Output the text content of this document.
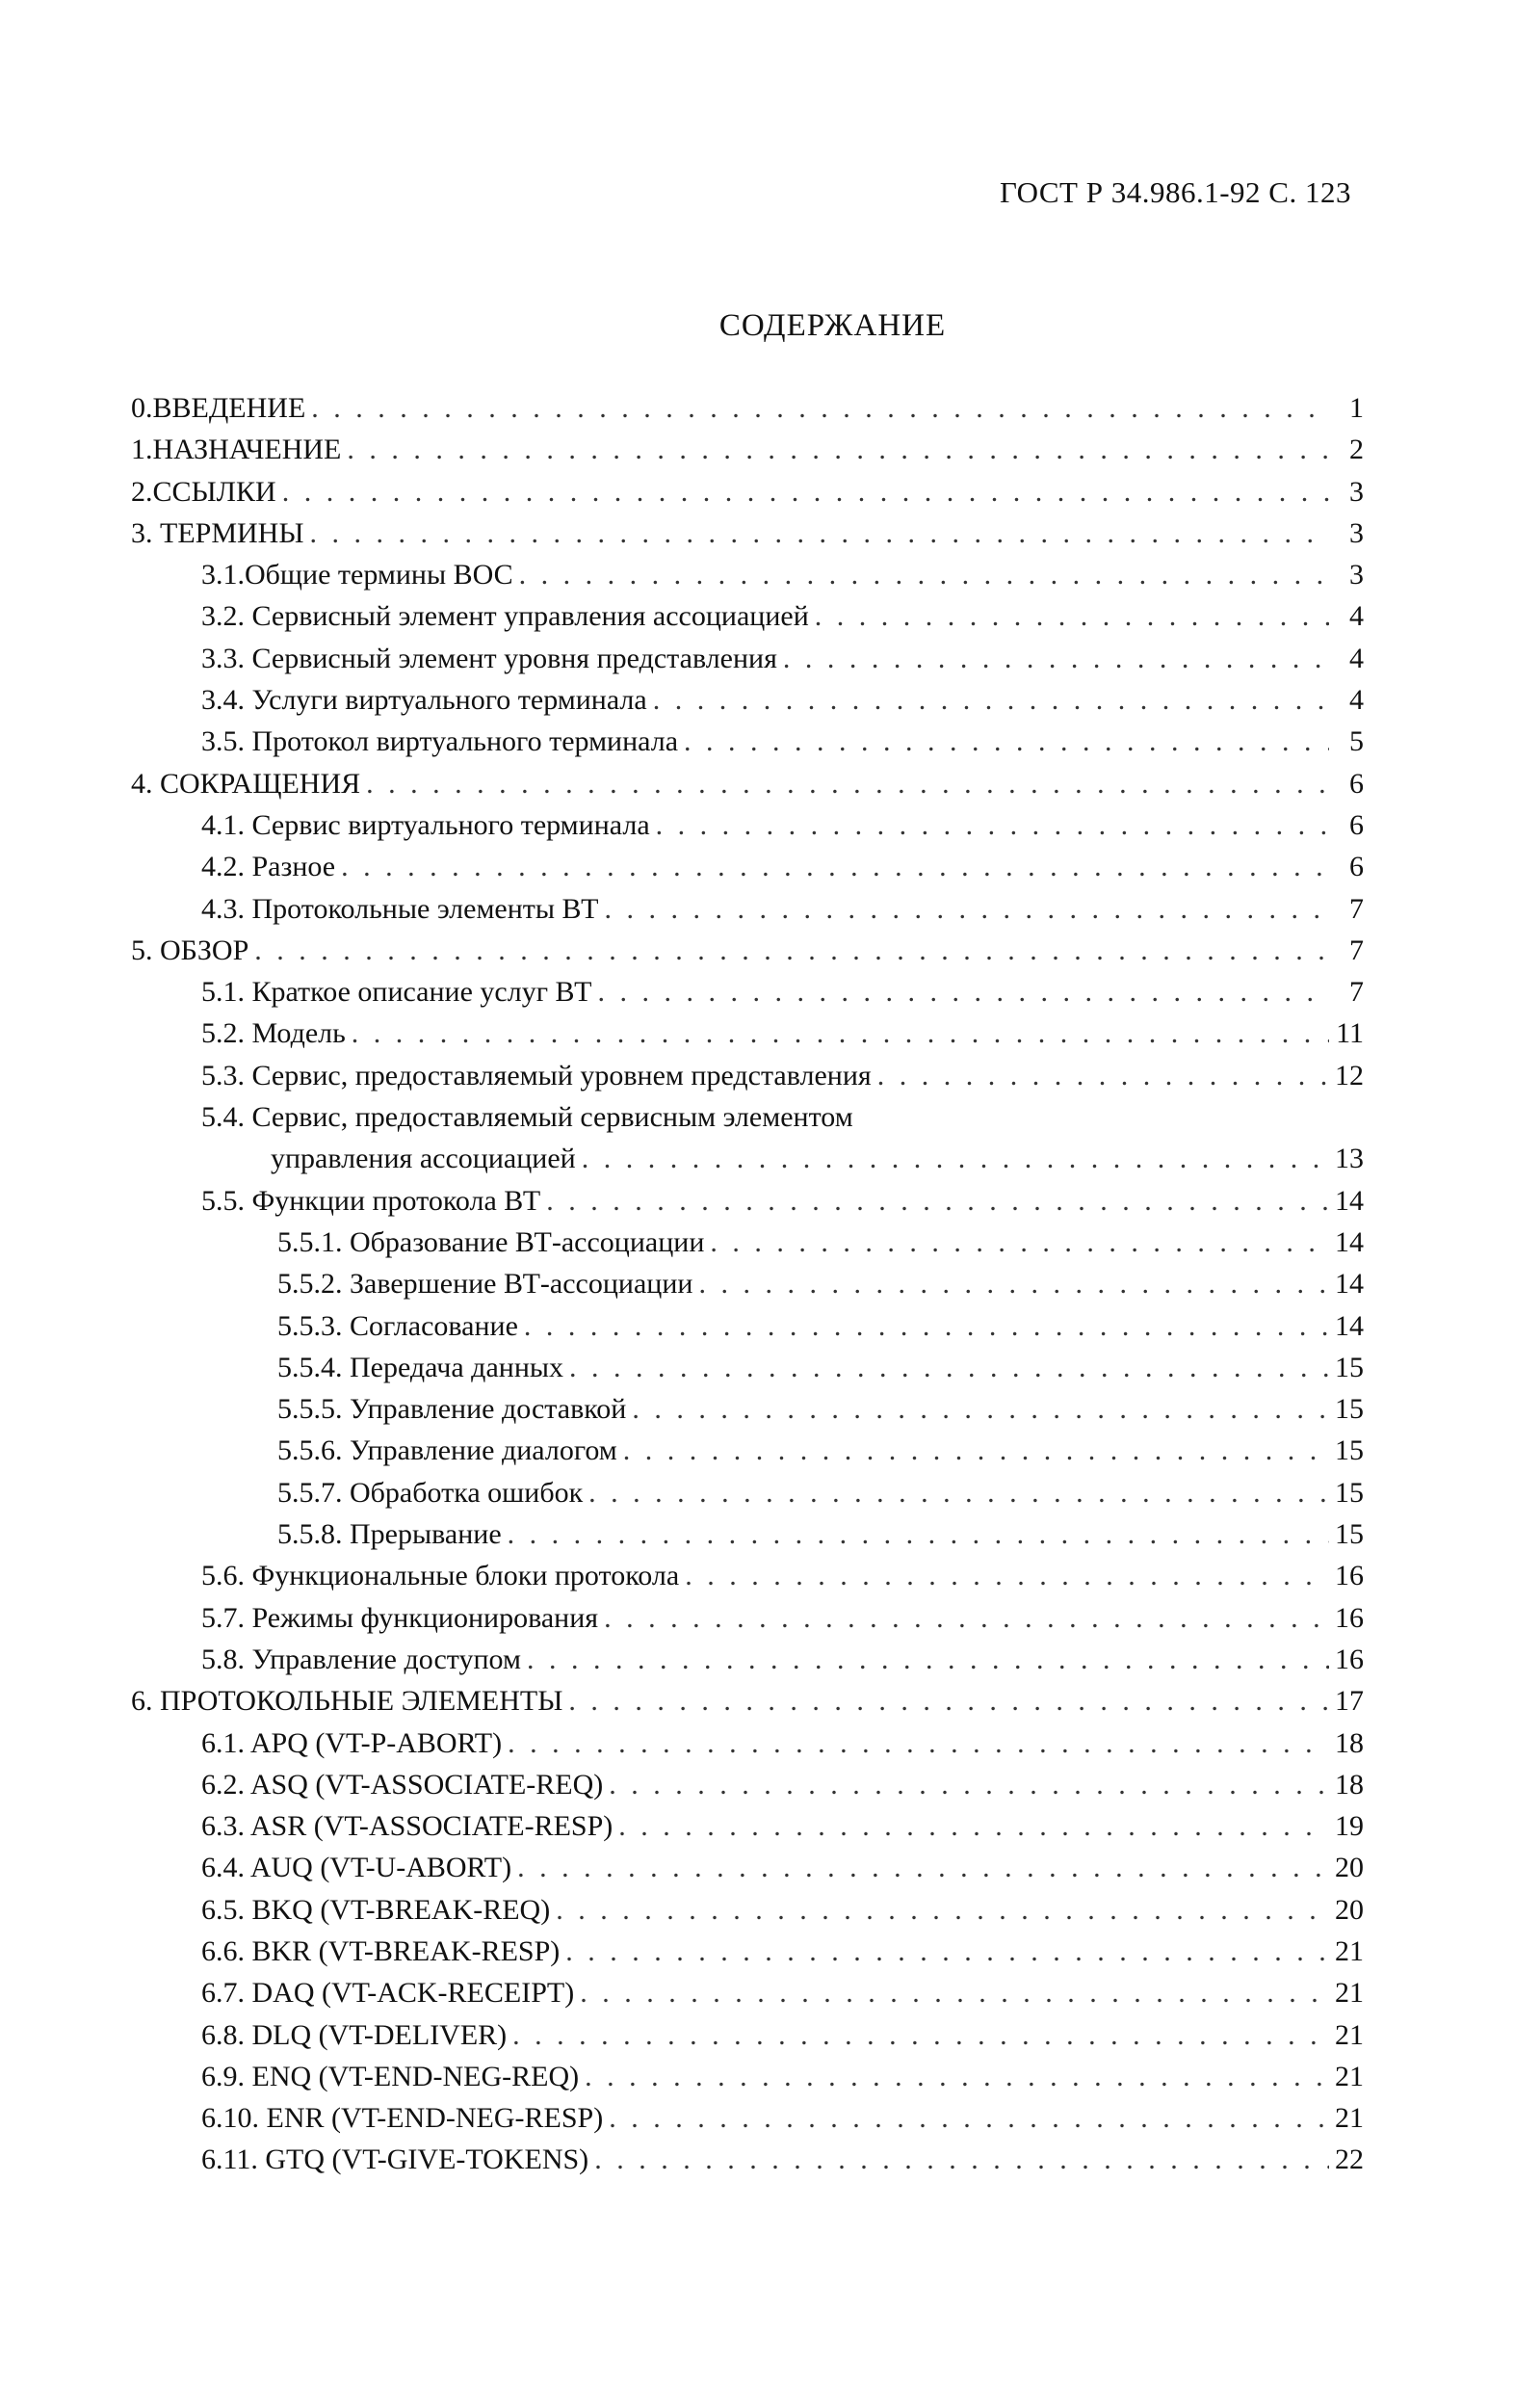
ГОСТ Р 34.986.1-92 С. 123
СОДЕРЖАНИЕ
0.ВВЕДЕНИЕ . . .	1
1.НАЗНАЧЕНИЕ . . .	2
2.ССЫЛКИ . . .	3
3. ТЕРМИНЫ . . .	3
3.1.Общие термины ВОС . . .	3
3.2. Сервисный элемент управления ассоциацией . . .	4
3.3. Сервисный элемент уровня представления . . .	4
3.4. Услуги виртуального терминала . . .	4
3.5. Протокол виртуального терминала . . .	5
4. СОКРАЩЕНИЯ . . .	6
4.1. Сервис виртуального терминала . . .	6
4.2. Разное . . .	6
4.3. Протокольные элементы ВТ . . .	7
5. ОБЗОР . . .	7
5.1. Краткое описание услуг ВТ . . .	7
5.2. Модель . . .	11
5.3. Сервис, предоставляемый уровнем представления . . .	12
5.4. Сервис, предоставляемый сервисным элементом
управления ассоциацией . . .	13
5.5. Функции протокола ВТ . . .	14
5.5.1. Образование ВТ-ассоциации . . .	14
5.5.2. Завершение ВТ-ассоциации . . .	14
5.5.3. Согласование . . .	14
5.5.4. Передача данных . . .	15
5.5.5. Управление доставкой . . .	15
5.5.6. Управление диалогом . . .	15
5.5.7. Обработка ошибок . . .	15
5.5.8. Прерывание . . .	15
5.6. Функциональные блоки протокола . . .	16
5.7. Режимы функционирования . . .	16
5.8. Управление доступом . . .	16
6. ПРОТОКОЛЬНЫЕ ЭЛЕМЕНТЫ . . .	17
6.1. APQ (VT-P-ABORT) . . .	18
6.2. ASQ (VT-ASSOCIATE-REQ) . . .	18
6.3. ASR (VT-ASSOCIATE-RESP) . . .	19
6.4. AUQ (VT-U-ABORT) . . .	20
6.5. BKQ (VT-BREAK-REQ) . . .	20
6.6. BKR (VT-BREAK-RESP) . . .	21
6.7. DAQ (VT-ACK-RECEIPT) . . .	21
6.8. DLQ (VT-DELIVER) . . .	21
6.9. ENQ (VT-END-NEG-REQ) . . .	21
6.10. ENR (VT-END-NEG-RESP) . . .	21
6.11. GTQ (VT-GIVE-TOKENS) . . .	22
